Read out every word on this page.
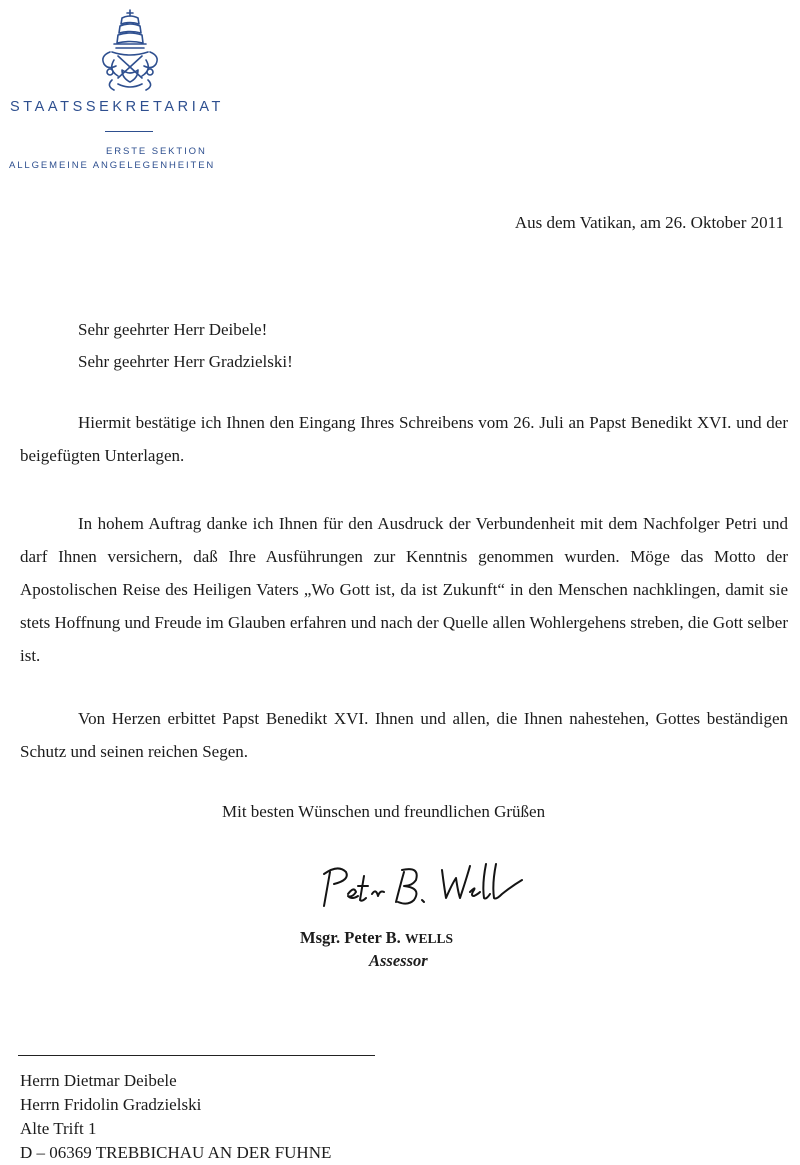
STAATSSEKRETARIAT
ERSTE SEKTION
ALLGEMEINE ANGELEGENHEITEN
Aus dem Vatikan, am 26. Oktober 2011
Sehr geehrter Herr Deibele!
Sehr geehrter Herr Gradzielski!
Hiermit bestätige ich Ihnen den Eingang Ihres Schreibens vom 26. Juli an Papst Benedikt XVI. und der beigefügten Unterlagen.
In hohem Auftrag danke ich Ihnen für den Ausdruck der Verbundenheit mit dem Nachfolger Petri und darf Ihnen versichern, daß Ihre Ausführungen zur Kenntnis genommen wurden. Möge das Motto der Apostolischen Reise des Heiligen Vaters „Wo Gott ist, da ist Zukunft“ in den Menschen nachklingen, damit sie stets Hoffnung und Freude im Glauben erfahren und nach der Quelle allen Wohlergehens streben, die Gott selber ist.
Von Herzen erbittet Papst Benedikt XVI. Ihnen und allen, die Ihnen nahestehen, Gottes beständigen Schutz und seinen reichen Segen.
Mit besten Wünschen und freundlichen Grüßen
Msgr. Peter B. WELLS
Assessor
Herrn Dietmar Deibele
Herrn Fridolin Gradzielski
Alte Trift 1
D – 06369 TREBBICHAU AN DER FUHNE
